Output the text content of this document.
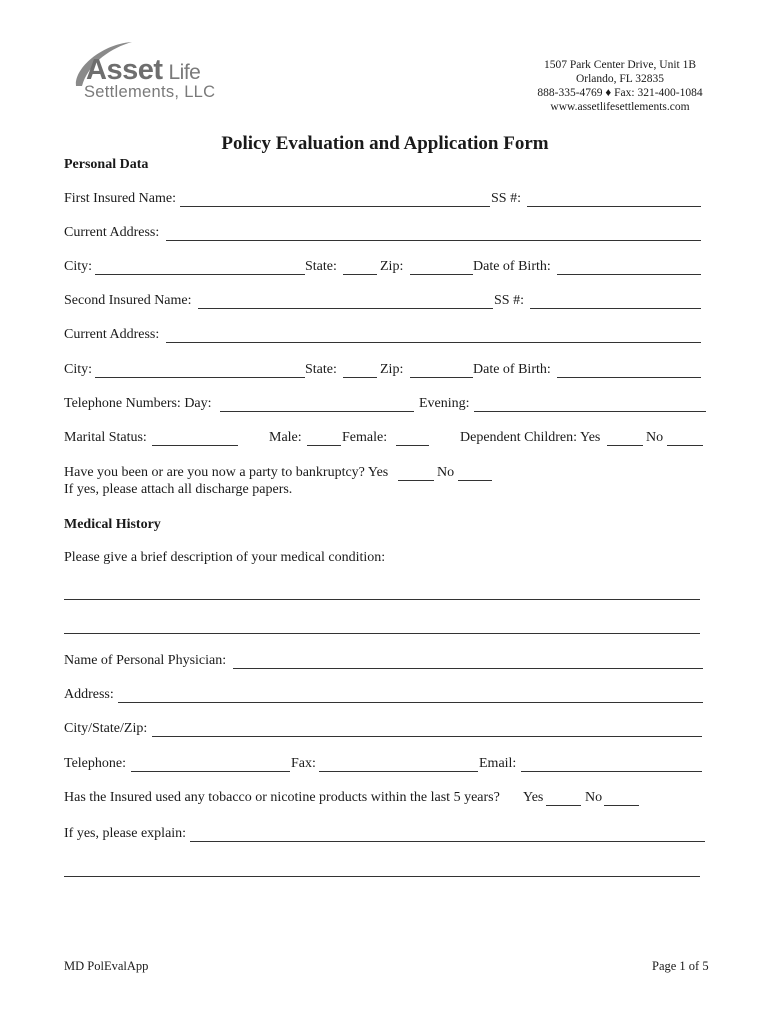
Asset Life
Settlements, LLC
1507 Park Center Drive, Unit 1B
Orlando, FL 32835
888-335-4769 ♦ Fax: 321-400-1084
www.assetlifesettlements.com
Policy Evaluation and Application Form
Personal Data
First Insured Name:	SS #:
Current Address:
City:	State:	Zip:	Date of Birth:
Second Insured Name:	SS #:
Current Address:
City:	State:	Zip:	Date of Birth:
Telephone Numbers: Day:	Evening:
Marital Status:	Male:	Female:	Dependent Children: Yes	No
Have you been or are you now a party to bankruptcy? Yes	No
If yes, please attach all discharge papers.
Medical History
Please give a brief description of your medical condition:
Name of Personal Physician:
Address:
City/State/Zip:
Telephone:	Fax:	Email:
Has the Insured used any tobacco or nicotine products within the last 5 years? Yes	No
If yes, please explain:
MD PolEvalApp	Page 1 of 5
